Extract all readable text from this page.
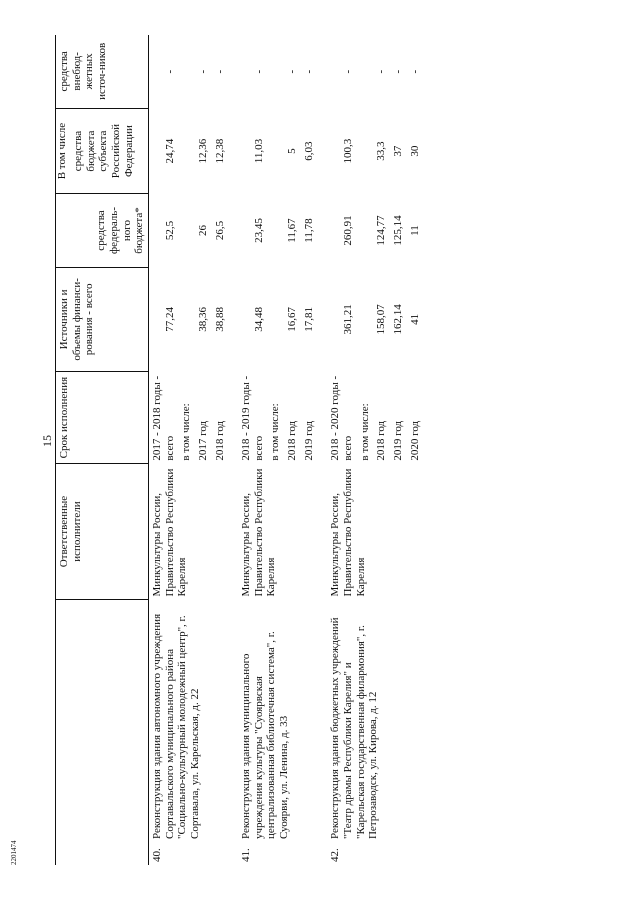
15
2201474
		Ответственные исполнители	Срок исполнения	Источники и объемы финанси-рования - всего	средства федераль-ного бюджета*	В том числе	средства внебюд-жетных источ-ников
						средства бюджета субъекта Российской Федерации	
40.	Реконструкция здания автономного учреждения Сортавальского муниципального района "Социально-культурный молодежный центр", г. Сортавала, ул. Карельская, д. 22	Минкультуры России, Правительство Республики Карелия	2017 - 2018 годы - всего	77,24	52,5	24,74	-
			в том числе:				
			2017 год	38,36	26	12,36	-
			2018 год	38,88	26,5	12,38	-

41.	Реконструкция здания муниципального учреждения культуры "Суоярвская централизованная библиотечная система", г. Суоярви, ул. Ленина, д. 33	Минкультуры России, Правительство Республики Карелия	2018 - 2019 годы - всего	34,48	23,45	11,03	-
			в том числе:				
			2018 год	16,67	11,67	5	-
			2019 год	17,81	11,78	6,03	-

42.	Реконструкция здания бюджетных учреждений "Театр драмы Республики Карелия" и "Карельская государственная филармония", г. Петрозаводск, ул. Кирова, д. 12	Минкультуры России, Правительство Республики Карелия	2018 - 2020 годы - всего	361,21	260,91	100,3	-
			в том числе:				
			2018 год	158,07	124,77	33,3	-
			2019 год	162,14	125,14	37	-
			2020 год	41	11	30	-
